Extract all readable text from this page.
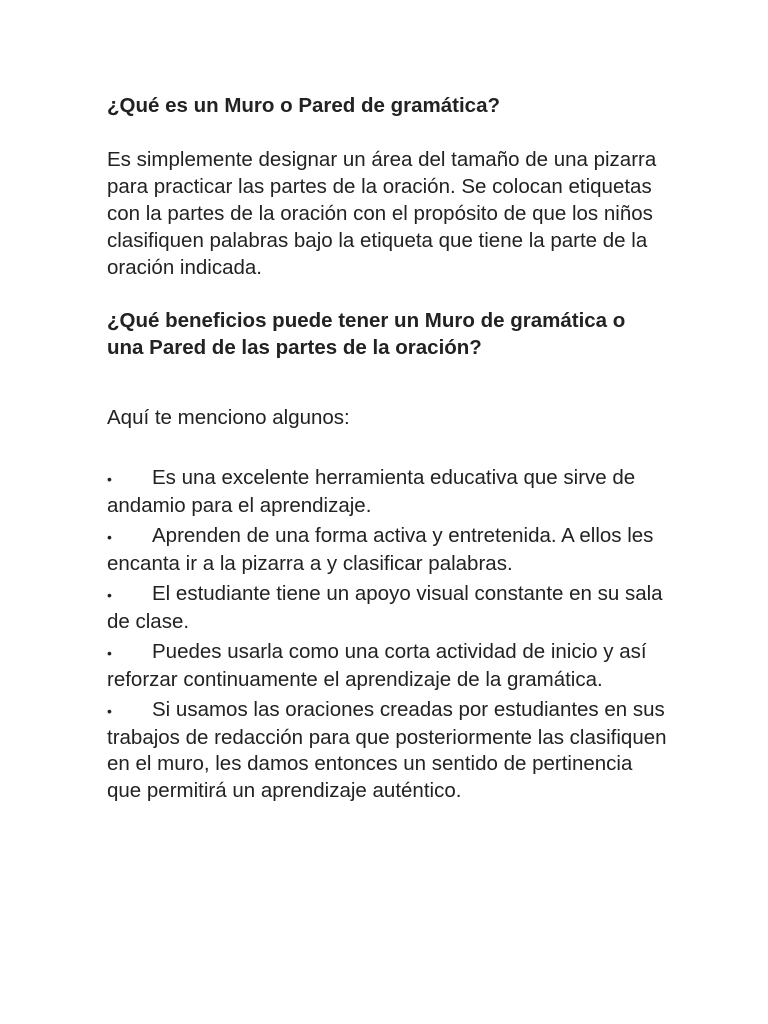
¿Qué es un Muro o Pared de gramática?

Es simplemente designar un área del tamaño de una pizarra para practicar las partes de la oración. Se colocan etiquetas con la partes de la oración con el propósito de que los niños clasifiquen palabras bajo la etiqueta que tiene la parte de la oración indicada.

¿Qué beneficios puede tener un Muro de gramática o una Pared de las partes de la oración?

Aquí te menciono algunos:

• Es una excelente herramienta educativa que sirve de andamio para el aprendizaje.
• Aprenden de una forma activa y entretenida. A ellos les encanta ir a la pizarra a y clasificar palabras.
• El estudiante tiene un apoyo visual constante en su sala de clase.
• Puedes usarla como una corta actividad de inicio y así reforzar continuamente el aprendizaje de la gramática.
• Si usamos las oraciones creadas por estudiantes en sus trabajos de redacción para que posteriormente las clasifiquen en el muro, les damos entonces un sentido de pertinencia que permitirá un aprendizaje auténtico.
